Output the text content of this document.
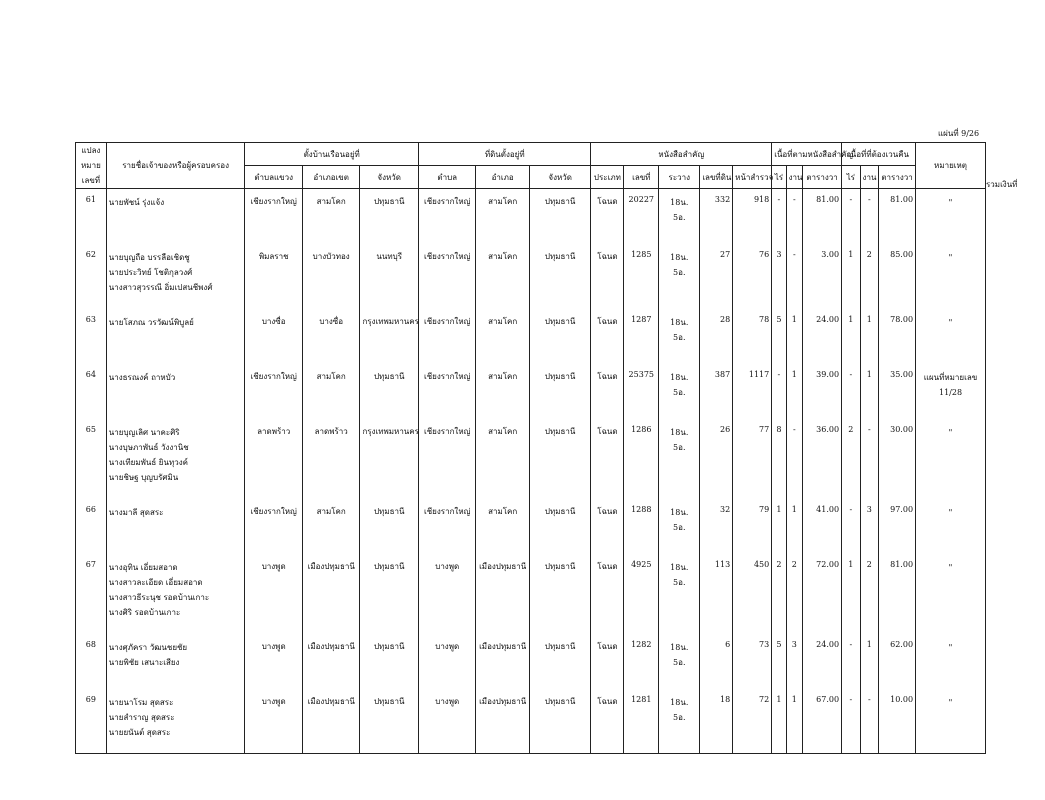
แผ่นที่ 9/26
รวมเงินที่
แปลง
หมาย
เลขที่	รายชื่อเจ้าของหรือผู้ครอบครอง	ตั้งบ้านเรือนอยู่ที่			ที่ดินตั้งอยู่ที่			หนังสือสำคัญ					เนื้อที่ตามหนังสือสำคัญ			เนื้อที่ที่ต้องเวนคืน			หมายเหตุ
		ตำบลแขวง	อำเภอเขต	จังหวัด	ตำบล	อำเภอ	จังหวัด	ประเภท	เลขที่	ระวาง	เลขที่ดิน	หน้าสำรวจ	ไร่	งาน	ตารางวา	ไร่	งาน	ตารางวา	
61	นายพัชน์ รุ่งแจ้ง	เชียงรากใหญ่	สามโคก	ปทุมธานี	เชียงรากใหญ่	สามโคก	ปทุมธานี	โฉนด	20227	18น.
5อ.	332	918	-	-	81.00	-	-	81.00	"

62	นายบุญถือ บรรลือเชิดชู
นายประวิทย์ โชติกุลวงศ์
นางสาวสุวรรณี อิ่มเปสนชีพงศ์	พิมลราช	บางบัวทอง	นนทบุรี	เชียงรากใหญ่	สามโคก	ปทุมธานี	โฉนด	1285	18น.
5อ.	27	76	3	-	3.00	1	2	85.00	"

63	นายโสภณ วรวัฒน์พิบูลย์	บางซื่อ	บางซื่อ	กรุงเทพมหานคร	เชียงรากใหญ่	สามโคก	ปทุมธานี	โฉนด	1287	18น.
5อ.	28	78	5	1	24.00	1	1	78.00	"

64	นางธรณงค์ ถาหบัว	เชียงรากใหญ่	สามโคก	ปทุมธานี	เชียงรากใหญ่	สามโคก	ปทุมธานี	โฉนด	25375	18น.
5อ.	387	1117	-	1	39.00	-	1	35.00	แผนที่หมายเลข
11/28

65	นายบุญเลิศ นาคะศิริ
นางบุษภาพันธ์ วังงานิช
นางเทียมพันธ์ ยินทุวงค์
นายชิษฐ บุญบรัศมิน	ลาดพร้าว	ลาดพร้าว	กรุงเทพมหานคร	เชียงรากใหญ่	สามโคก	ปทุมธานี	โฉนด	1286	18น.
5อ.	26	77	8	-	36.00	2	-	30.00	"

66	นางมาลี สุดสระ	เชียงรากใหญ่	สามโคก	ปทุมธานี	เชียงรากใหญ่	สามโคก	ปทุมธานี	โฉนด	1288	18น.
5อ.	32	79	1	1	41.00	-	3	97.00	"

67	นางอุทิน เอี่ยมสอาด
นางสาวละเอียด เอี่ยมสอาด
นางสาวธีระนุช รอดบ้านเกาะ
นางศิริ รอดบ้านเกาะ	บางพูด	เมืองปทุมธานี	ปทุมธานี	บางพูด	เมืองปทุมธานี	ปทุมธานี	โฉนด	4925	18น.
5อ.	113	450	2	2	72.00	1	2	81.00	"

68	นางศุภัครา วัฒนชยชัย
นายพิชัย เสนาะเสียง	บางพูด	เมืองปทุมธานี	ปทุมธานี	บางพูด	เมืองปทุมธานี	ปทุมธานี	โฉนด	1282	18น.
5อ.	6	73	5	3	24.00	-	1	62.00	"

69	นายนาโรม สุดสระ
นายสำราญ สุดสระ
นายยนันต์ สุดสระ	บางพูด	เมืองปทุมธานี	ปทุมธานี	บางพูด	เมืองปทุมธานี	ปทุมธานี	โฉนด	1281	18น.
5อ.	18	72	1	1	67.00	-	-	10.00	"
